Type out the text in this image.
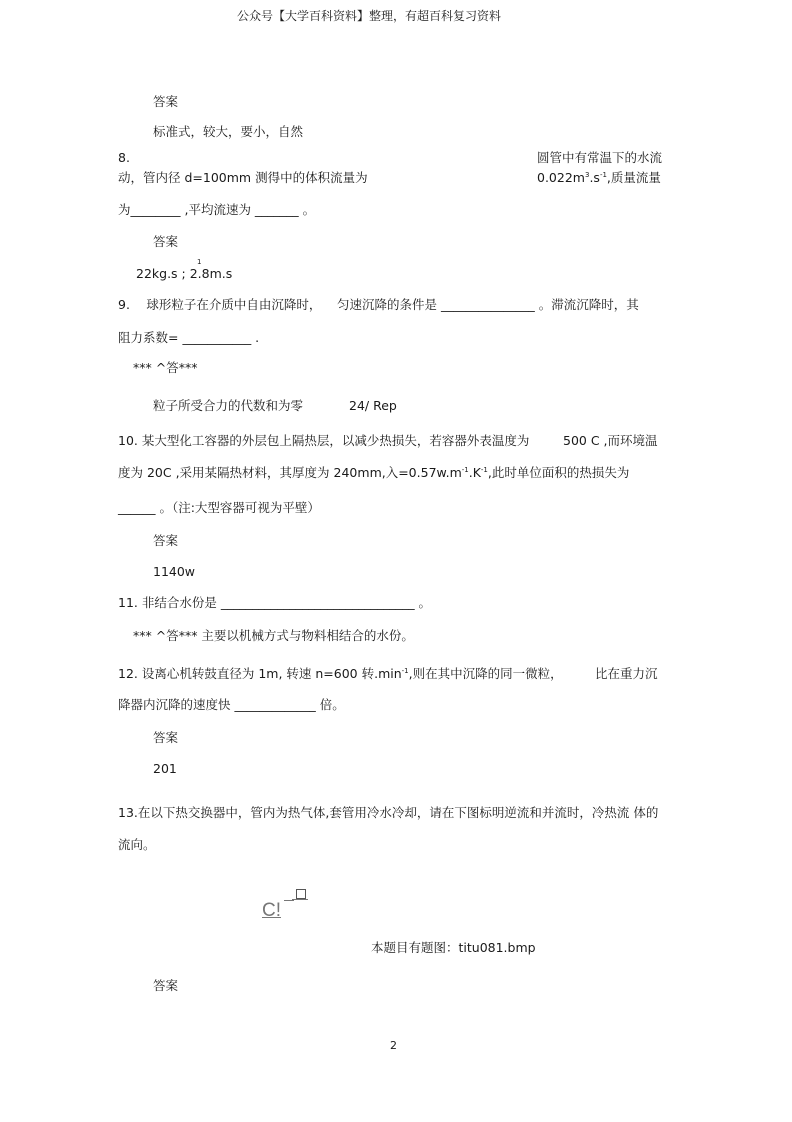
公众号【大学百科资料】整理，有超百科复习资料
答案
标准式，较大，要小，自然
8.	圆管中有常温下的水流
动，管内径 d=100mm 测得中的体积流量为	$0.022m^3.s^{-1}$,质量流量
为________ ,平均流速为 _______ 。
答案
1
22kg.s ; 2.8m.s
9.　 球形粒子在介质中自由沉降时， 匀速沉降的条件是 _______________ 。滞流沉降时，其
阻力系数= ___________ .
*** ^答***
粒子所受合力的代数和为零	24/ Rep
10. 某大型化工容器的外层包上隔热层，以减少热损失，若容器外表温度为	500 C ,而环境温
度为 20C ,采用某隔热材料，其厚度为 240mm,入$=0.57w.m^{-1}.K^{-1}$,此时单位面积的热损失为
______ 。（注:大型容器可视为平壁）
答案
1140w
11. 非结合水份是 _______________________________ 。
*** ^答*** 主要以机械方式与物料相结合的水份。
12. 设离心机转鼓直径为 1m, 转速 n=600 转$.\min^{-1}$,则在其中沉降的同一微粒，	比在重力沉
降器内沉降的速度快 _____________ 倍。
答案
201
13.在以下热交换器中，管内为热气体,套管用冷水冷却，请在下图标明逆流和并流时，冷热流 体的
流向。
C!
本题目有题图：titu081.bmp
答案
2
